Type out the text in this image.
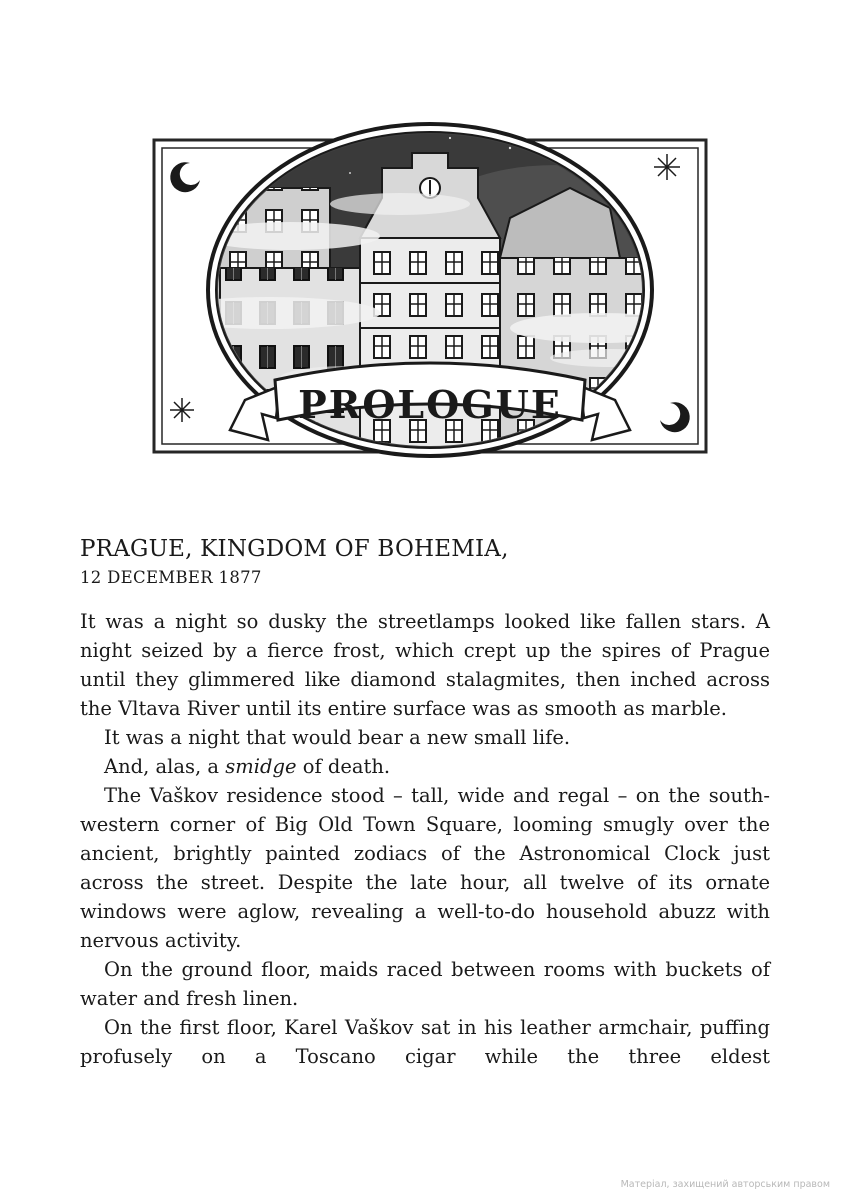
PROLOGUE

PRAGUE, KINGDOM OF BOHEMIA,

12 DECEMBER 1877

It was a night so dusky the streetlamps looked like fallen stars. A night seized by a fierce frost, which crept up the spires of Prague until they glimmered like diamond stalagmites, then inched across the Vltava River until its entire surface was as smooth as marble.

It was a night that would bear a new small life.

And, alas, a smidge of death.

The Vaškov residence stood – tall, wide and regal – on the south-western corner of Big Old Town Square, looming smugly over the ancient, brightly painted zodiacs of the Astronomical Clock just across the street. Despite the late hour, all twelve of its ornate windows were aglow, revealing a well-to-do household abuzz with nervous activity.

On the ground floor, maids raced between rooms with buckets of water and fresh linen.

On the first floor, Karel Vaškov sat in his leather armchair, puffing profusely on a Toscano cigar while the three eldest

Матеріал, захищений авторським правом
